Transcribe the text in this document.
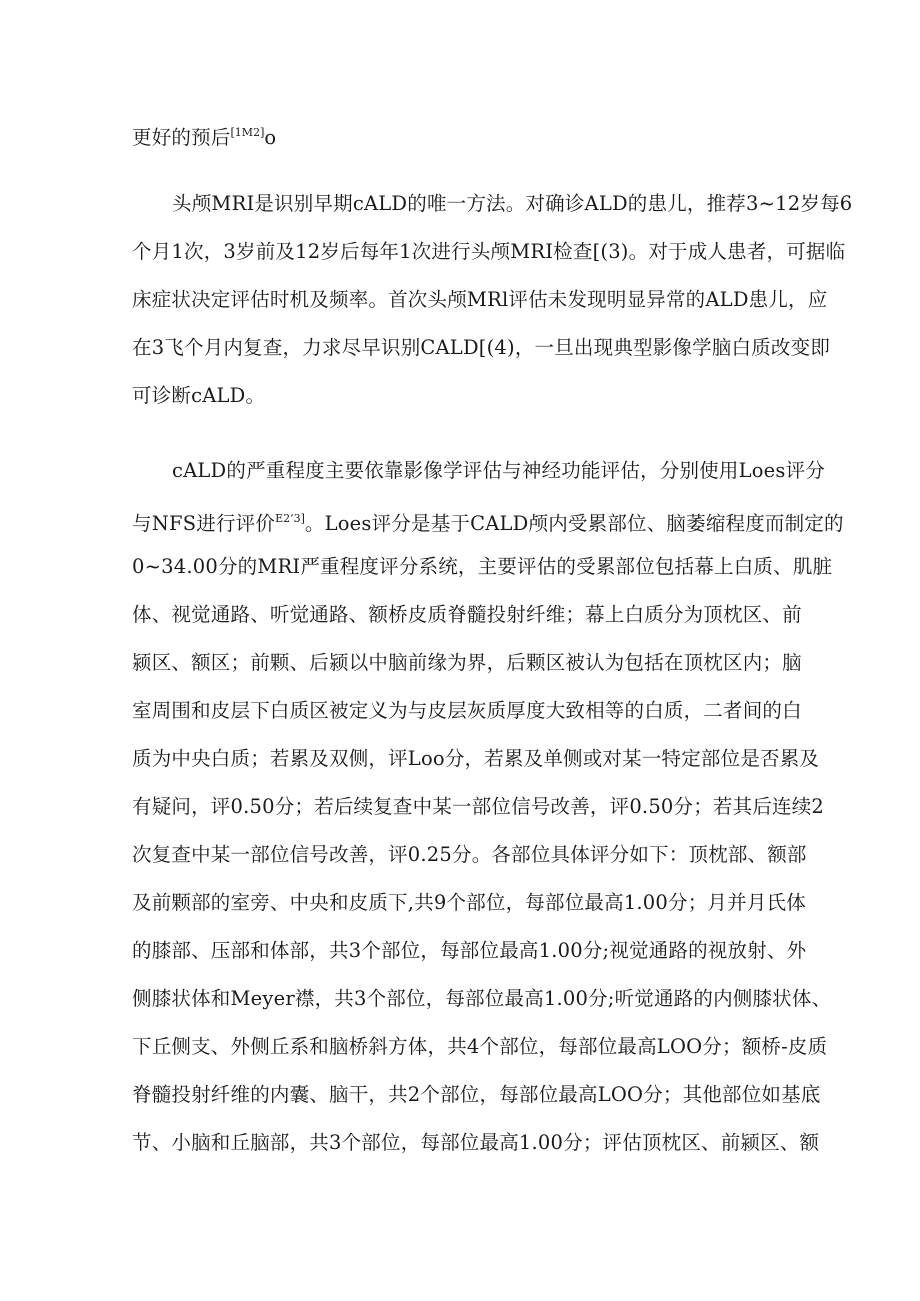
更好的预后[1M2]o
头颅MRI是识别早期cALD的唯一方法。对确诊ALD的患儿，推荐3~12岁每6
个月1次，3岁前及12岁后每年1次进行头颅MRI检查[(3)。对于成人患者，可据临
床症状决定评估时机及频率。首次头颅MRl评估未发现明显异常的ALD患儿，应
在3飞个月内复查，力求尽早识别CALD[(4)，一旦出现典型影像学脑白质改变即
可诊断cALD。
cALD的严重程度主要依靠影像学评估与神经功能评估，分别使用Loes评分
与NFS进行评价$^{E2’3]}$。Loes评分是基于CALD颅内受累部位、脑萎缩程度而制定的
0~34.00分的MRI严重程度评分系统，主要评估的受累部位包括幕上白质、肌脏
体、视觉通路、听觉通路、额桥皮质脊髓投射纤维；幕上白质分为顶枕区、前
颍区、额区；前颗、后颍以中脑前缘为界，后颗区被认为包括在顶枕区内；脑
室周围和皮层下白质区被定义为与皮层灰质厚度大致相等的白质，二者间的白
质为中央白质；若累及双侧，评Loo分，若累及单侧或对某一特定部位是否累及
有疑问，评0.50分；若后续复查中某一部位信号改善，评0.50分；若其后连续2
次复查中某一部位信号改善，评0.25分。各部位具体评分如下：顶枕部、额部
及前颗部的室旁、中央和皮质下,共9个部位，每部位最高1.00分；月并月氏体
的膝部、压部和体部，共3个部位，每部位最高1.00分;视觉通路的视放射、外
侧膝状体和Meyer襟，共3个部位，每部位最高1.00分;听觉通路的内侧膝状体、
下丘侧支、外侧丘系和脑桥斜方体，共4个部位，每部位最高LOO分；额桥-皮质
脊髓投射纤维的内囊、脑干，共2个部位，每部位最高LOO分；其他部位如基底
节、小脑和丘脑部，共3个部位，每部位最高1.00分；评估顶枕区、前颍区、额
